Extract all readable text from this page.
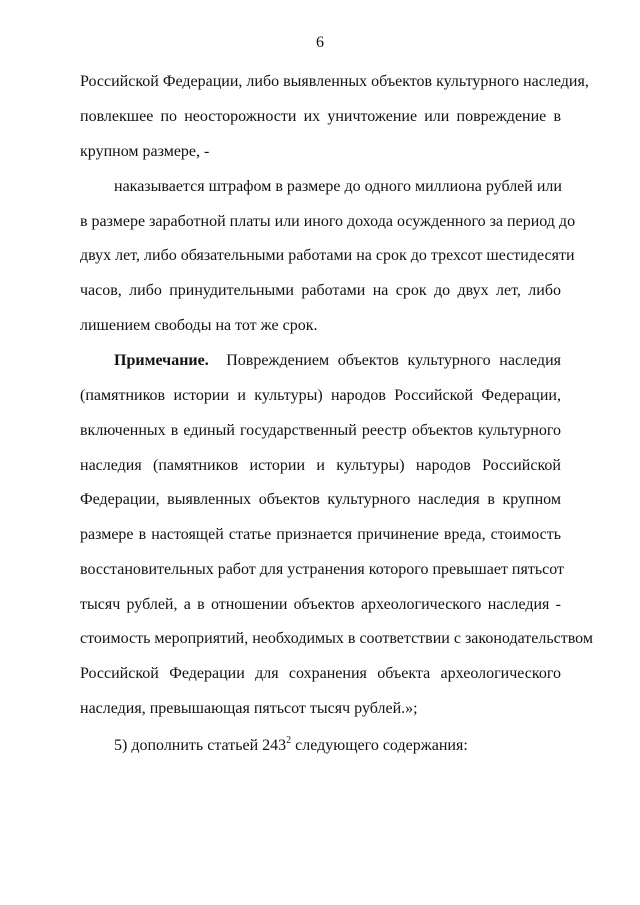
6
Российской Федерации, либо выявленных объектов культурного наследия,
повлекшее по неосторожности их уничтожение или повреждение в
крупном размере, -
наказывается штрафом в размере до одного миллиона рублей или
в размере заработной платы или иного дохода осужденного за период до
двух лет, либо обязательными работами на срок до трехсот шестидесяти
часов, либо принудительными работами на срок до двух лет, либо
лишением свободы на тот же срок.
Примечание. Повреждением объектов культурного наследия
(памятников истории и культуры) народов Российской Федерации,
включенных в единый государственный реестр объектов культурного
наследия (памятников истории и культуры) народов Российской
Федерации, выявленных объектов культурного наследия в крупном
размере в настоящей статье признается причинение вреда, стоимость
восстановительных работ для устранения которого превышает пятьсот
тысяч рублей, а в отношении объектов археологического наследия -
стоимость мероприятий, необходимых в соответствии с законодательством
Российской Федерации для сохранения объекта археологического
наследия, превышающая пятьсот тысяч рублей.»;
5) дополнить статьей $243^2$ следующего содержания:
